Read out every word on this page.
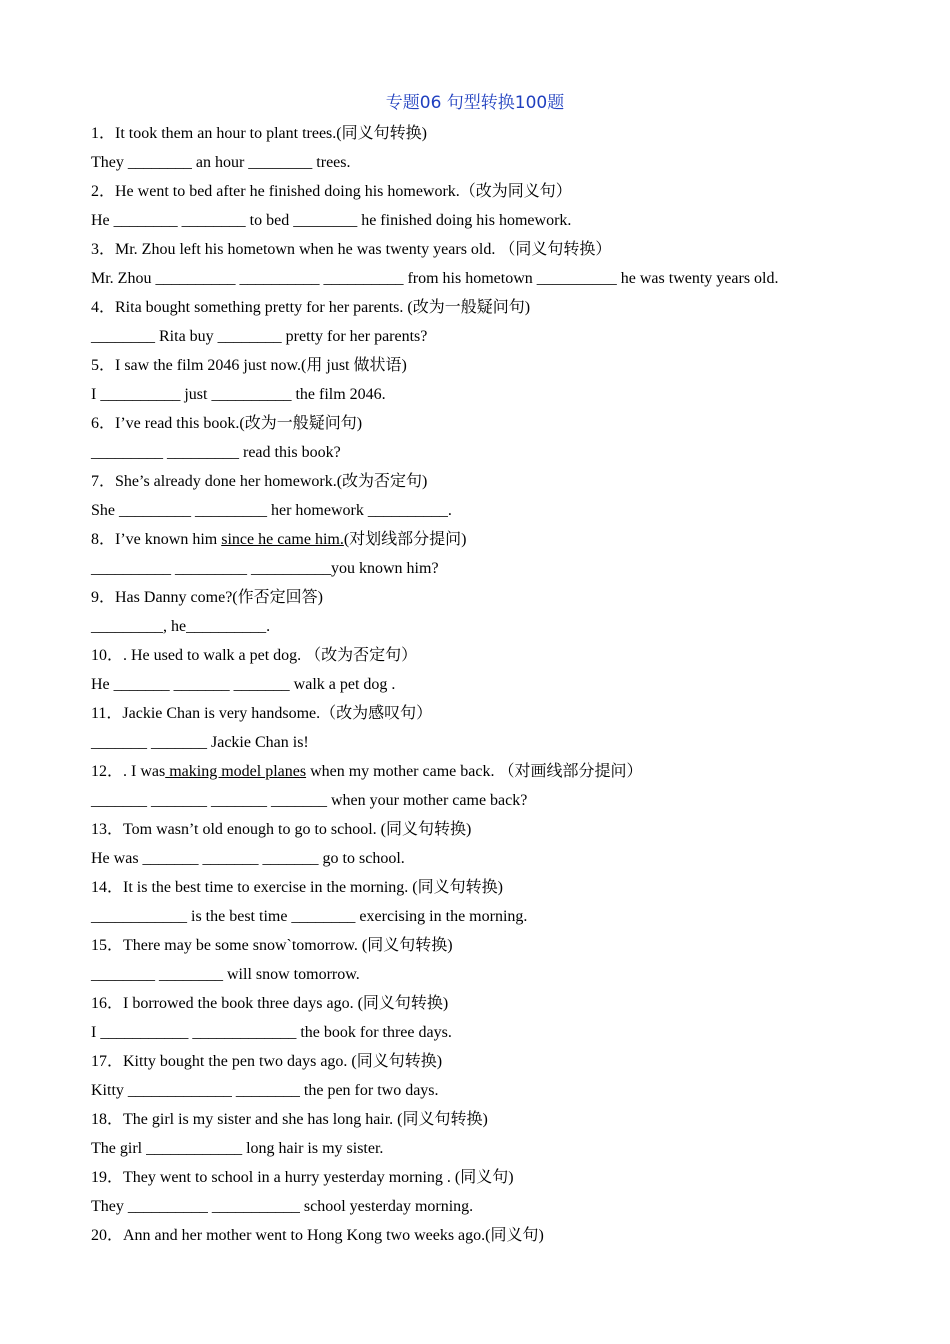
专题06 句型转换100题
1．It took them an hour to plant trees.(同义句转换)
They ________ an hour ________ trees.
2．He went to bed after he finished doing his homework.（改为同义句）
He ________ ________ to bed ________ he finished doing his homework.
3．Mr. Zhou left his hometown when he was twenty years old. （同义句转换）
Mr. Zhou __________ __________ __________ from his hometown __________ he was twenty years old.
4．Rita bought something pretty for her parents. (改为一般疑问句)
________ Rita buy ________ pretty for her parents?
5．I saw the film 2046 just now.(用 just 做状语)
I __________ just __________ the film 2046.
6．I’ve read this book.(改为一般疑问句)
_________ _________ read this book?
7．She’s already done her homework.(改为否定句)
She _________ _________ her homework __________.
8．I’ve known him since he came him.(对划线部分提问)
__________ _________ __________you known him?
9．Has Danny come?(作否定回答)
_________, he__________.
10．. He used to walk a pet dog. （改为否定句）
He _______ _______ _______ walk a pet dog .
11．Jackie Chan is very handsome.（改为感叹句）
_______ _______ Jackie Chan is!
12．. I was making model planes when my mother came back. （对画线部分提问）
_______ _______ _______ _______ when your mother came back?
13．Tom wasn’t old enough to go to school. (同义句转换)
He was _______ _______ _______ go to school.
14．It is the best time to exercise in the morning. (同义句转换)
____________ is the best time ________ exercising in the morning.
15．There may be some snow`tomorrow. (同义句转换)
________ ________ will snow tomorrow.
16．I borrowed the book three days ago. (同义句转换)
I ___________ _____________ the book for three days.
17．Kitty bought the pen two days ago. (同义句转换)
Kitty _____________ ________ the pen for two days.
18．The girl is my sister and she has long hair. (同义句转换)
The girl ____________ long hair is my sister.
19．They went to school in a hurry yesterday morning . (同义句)
They __________ ___________ school yesterday morning.
20．Ann and her mother went to Hong Kong two weeks ago.(同义句)
